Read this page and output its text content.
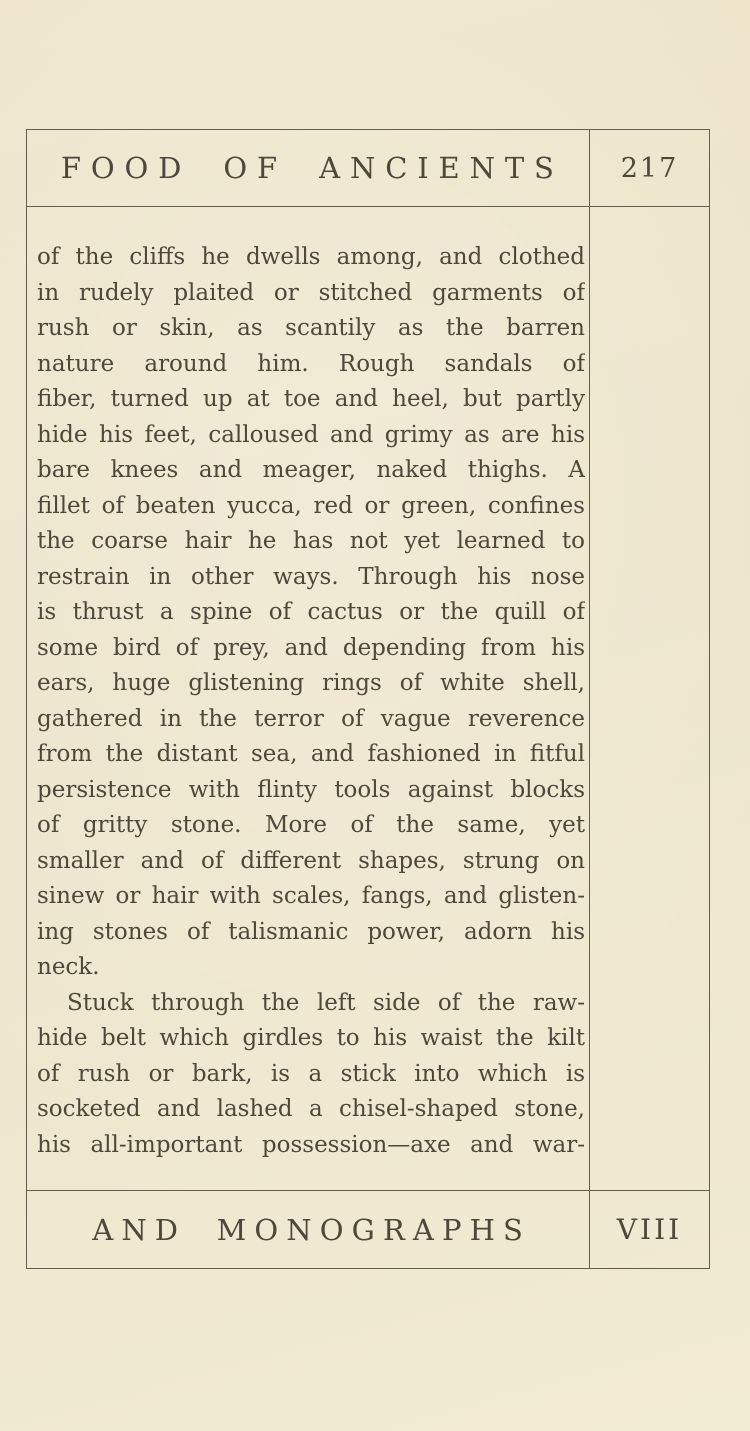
FOOD OF ANCIENTS 217
of the cliffs he dwells among, and clothed
in rudely plaited or stitched garments of
rush or skin, as scantily as the barren
nature around him. Rough sandals of
fiber, turned up at toe and heel, but partly
hide his feet, calloused and grimy as are his
bare knees and meager, naked thighs. A
fillet of beaten yucca, red or green, confines
the coarse hair he has not yet learned to
restrain in other ways. Through his nose
is thrust a spine of cactus or the quill of
some bird of prey, and depending from his
ears, huge glistening rings of white shell,
gathered in the terror of vague reverence
from the distant sea, and fashioned in fitful
persistence with flinty tools against blocks
of gritty stone. More of the same, yet
smaller and of different shapes, strung on
sinew or hair with scales, fangs, and glisten-
ing stones of talismanic power, adorn his
neck.
Stuck through the left side of the raw-
hide belt which girdles to his waist the kilt
of rush or bark, is a stick into which is
socketed and lashed a chisel-shaped stone,
his all-important possession—axe and war-
AND MONOGRAPHS	VIII
